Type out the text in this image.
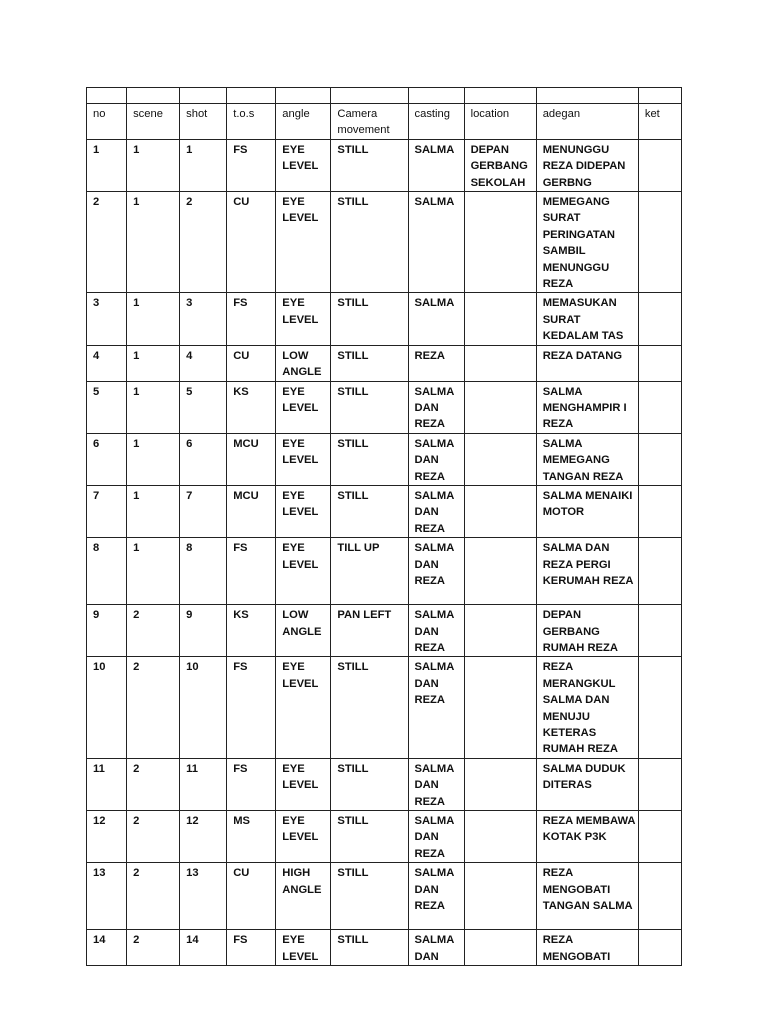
no	scene	shot	t.o.s	angle	Camera movement	casting	location	adegan	ket
1	1	1	FS	EYE LEVEL	STILL	SALMA	DEPAN GERBANG SEKOLAH	MENUNGGU REZA DIDEPAN GERBNG	
2	1	2	CU	EYE LEVEL	STILL	SALMA		MEMEGANG SURAT PERINGATAN SAMBIL MENUNGGU REZA	
3	1	3	FS	EYE LEVEL	STILL	SALMA		MEMASUKAN SURAT KEDALAM TAS	
4	1	4	CU	LOW ANGLE	STILL	REZA		REZA DATANG	
5	1	5	KS	EYE LEVEL	STILL	SALMA DAN REZA		SALMA MENGHAMPIR I REZA	
6	1	6	MCU	EYE LEVEL	STILL	SALMA DAN REZA		SALMA MEMEGANG TANGAN REZA	
7	1	7	MCU	EYE LEVEL	STILL	SALMA DAN REZA		SALMA MENAIKI MOTOR	
8	1	8	FS	EYE LEVEL	TILL UP	SALMA DAN REZA		SALMA DAN REZA PERGI KERUMAH REZA	
9	2	9	KS	LOW ANGLE	PAN LEFT	SALMA DAN REZA		DEPAN GERBANG RUMAH REZA	
10	2	10	FS	EYE LEVEL	STILL	SALMA DAN REZA		REZA MERANGKUL SALMA DAN MENUJU KETERAS RUMAH REZA	
11	2	11	FS	EYE LEVEL	STILL	SALMA DAN REZA		SALMA DUDUK DITERAS	
12	2	12	MS	EYE LEVEL	STILL	SALMA DAN REZA		REZA MEMBAWA KOTAK P3K	
13	2	13	CU	HIGH ANGLE	STILL	SALMA DAN REZA		REZA MENGOBATI TANGAN SALMA	
14	2	14	FS	EYE LEVEL	STILL	SALMA DAN		REZA MENGOBATI	
